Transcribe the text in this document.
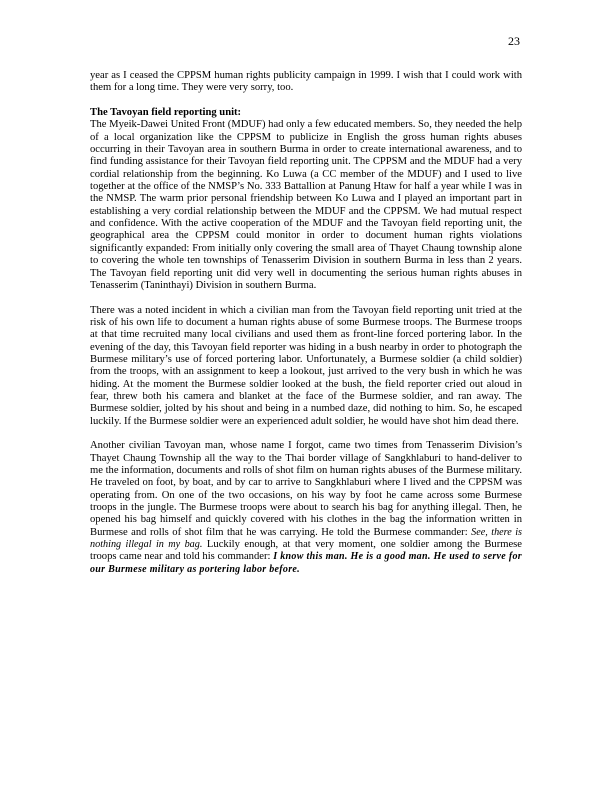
23

year as I ceased the CPPSM human rights publicity campaign in 1999. I wish that I could work with them for a long time. They were very sorry, too.

The Tavoyan field reporting unit:

The Myeik-Dawei United Front (MDUF) had only a few educated members. So, they needed the help of a local organization like the CPPSM to publicize in English the gross human rights abuses occurring in their Tavoyan area in southern Burma in order to create international awareness, and to find funding assistance for their Tavoyan field reporting unit. The CPPSM and the MDUF had a very cordial relationship from the beginning. Ko Luwa (a CC member of the MDUF) and I used to live together at the office of the NMSP’s No. 333 Battallion at Panung Htaw for half a year while I was in the NMSP. The warm prior personal friendship between Ko Luwa and I played an important part in establishing a very cordial relationship between the MDUF and the CPPSM. We had mutual respect and confidence. With the active cooperation of the MDUF and the Tavoyan field reporting unit, the geographical area the CPPSM could monitor in order to document human rights violations significantly expanded: From initially only covering the small area of Thayet Chaung township alone to covering the whole ten townships of Tenasserim Division in southern Burma in less than 2 years. The Tavoyan field reporting unit did very well in documenting the serious human rights abuses in Tenasserim (Taninthayi) Division in southern Burma.

There was a noted incident in which a civilian man from the Tavoyan field reporting unit tried at the risk of his own life to document a human rights abuse of some Burmese troops. The Burmese troops at that time recruited many local civilians and used them as front-line forced portering labor. In the evening of the day, this Tavoyan field reporter was hiding in a bush nearby in order to photograph the Burmese military’s use of forced portering labor. Unfortunately, a Burmese soldier (a child soldier) from the troops, with an assignment to keep a lookout, just arrived to the very bush in which he was hiding. At the moment the Burmese soldier looked at the bush, the field reporter cried out aloud in fear, threw both his camera and blanket at the face of the Burmese soldier, and ran away. The Burmese soldier, jolted by his shout and being in a numbed daze, did nothing to him. So, he escaped luckily. If the Burmese soldier were an experienced adult soldier, he would have shot him dead there.

Another civilian Tavoyan man, whose name I forgot, came two times from Tenasserim Division’s Thayet Chaung Township all the way to the Thai border village of Sangkhlaburi to hand-deliver to me the information, documents and rolls of shot film on human rights abuses of the Burmese military. He traveled on foot, by boat, and by car to arrive to Sangkhlaburi where I lived and the CPPSM was operating from. On one of the two occasions, on his way by foot he came across some Burmese troops in the jungle. The Burmese troops were about to search his bag for anything illegal. Then, he opened his bag himself and quickly covered with his clothes in the bag the information written in Burmese and rolls of shot film that he was carrying. He told the Burmese commander: See, there is nothing illegal in my bag. Luckily enough, at that very moment, one soldier among the Burmese troops came near and told his commander: I know this man. He is a good man. He used to serve for our Burmese military as portering labor before.
